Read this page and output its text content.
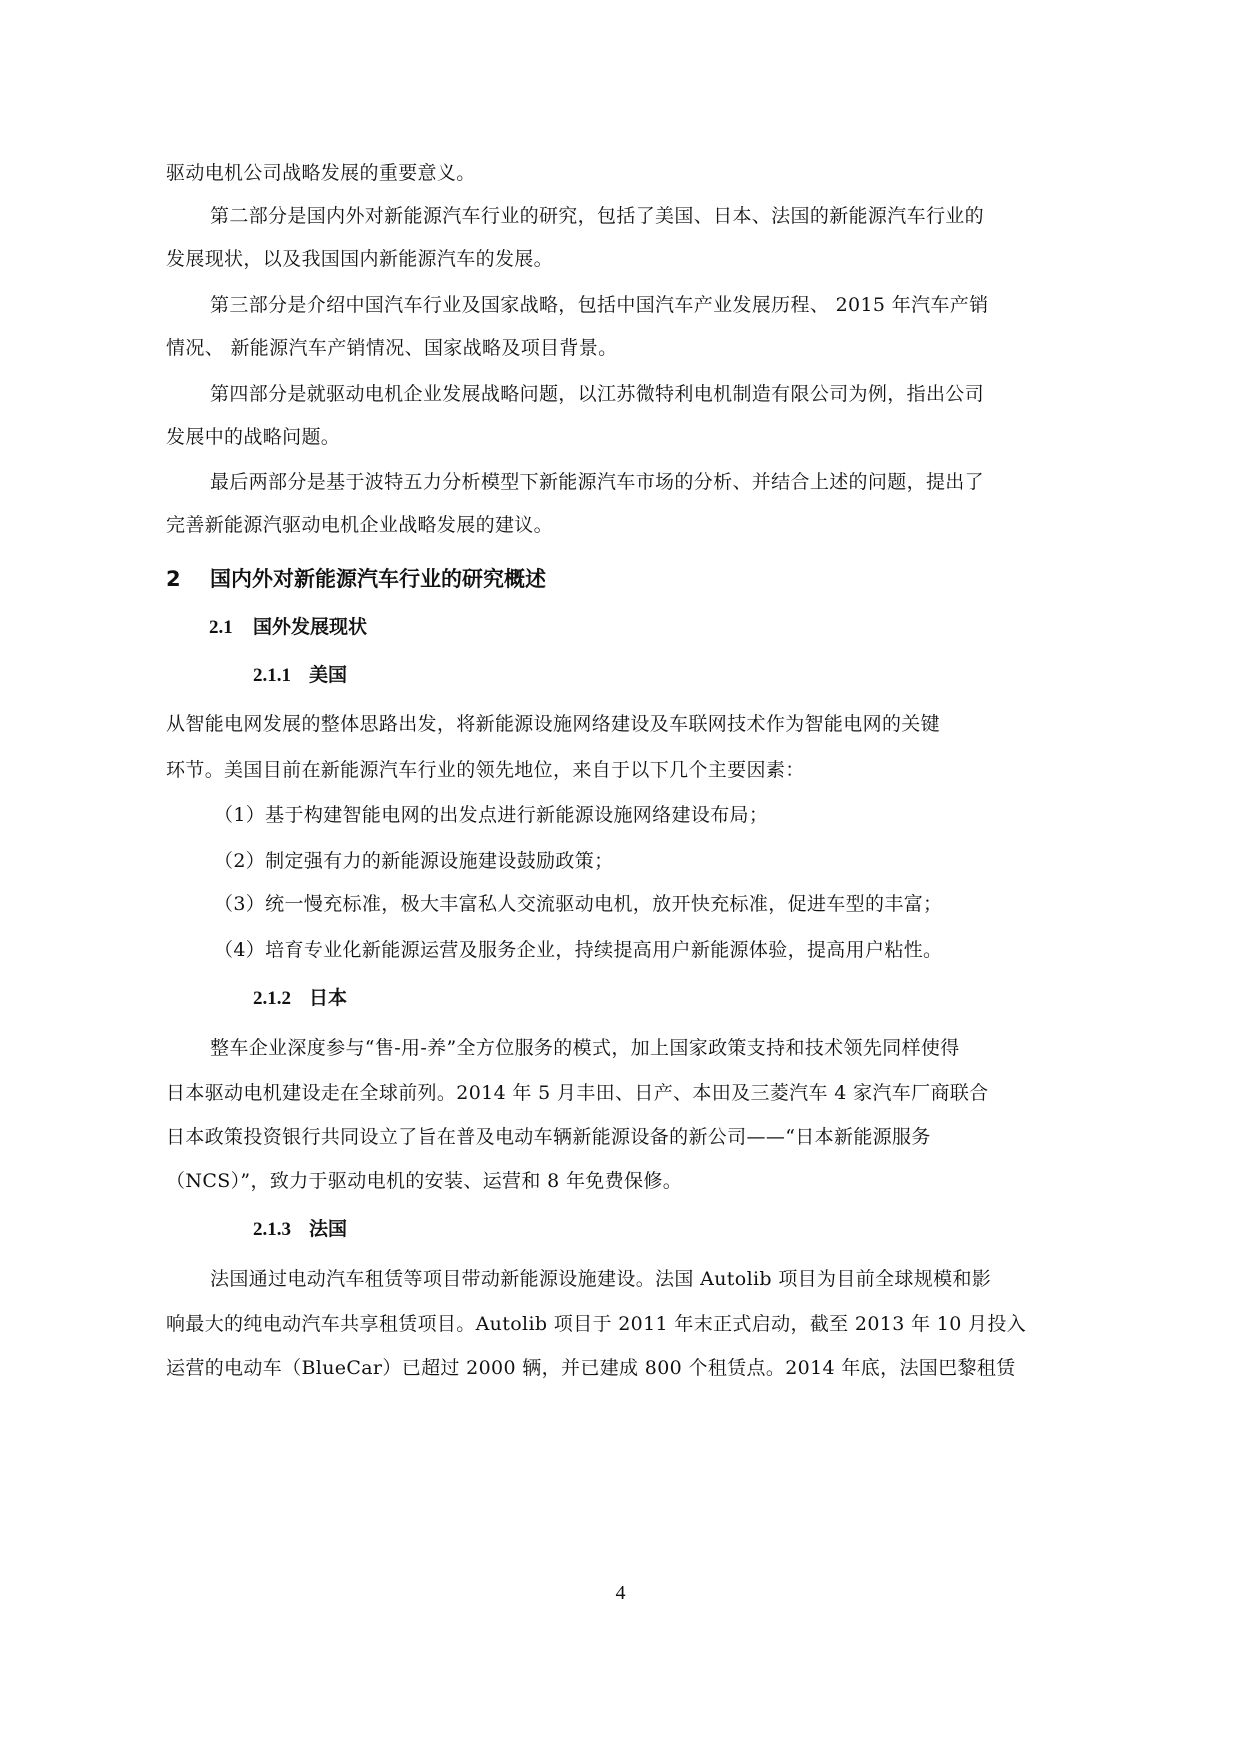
驱动电机公司战略发展的重要意义。
第二部分是国内外对新能源汽车行业的研究，包括了美国、日本、法国的新能源汽车行业的
发展现状，以及我国国内新能源汽车的发展。
第三部分是介绍中国汽车行业及国家战略，包括中国汽车产业发展历程、 2015 年汽车产销
情况、 新能源汽车产销情况、国家战略及项目背景。
第四部分是就驱动电机企业发展战略问题，以江苏微特利电机制造有限公司为例，指出公司
发展中的战略问题。
最后两部分是基于波特五力分析模型下新能源汽车市场的分析、并结合上述的问题，提出了
完善新能源汽驱动电机企业战略发展的建议。
2 国内外对新能源汽车行业的研究概述
2.1 国外发展现状
2.1.1 美国
从智能电网发展的整体思路出发，将新能源设施网络建设及车联网技术作为智能电网的关键
环节。美国目前在新能源汽车行业的领先地位，来自于以下几个主要因素：
（1）基于构建智能电网的出发点进行新能源设施网络建设布局；
（2）制定强有力的新能源设施建设鼓励政策；
（3）统一慢充标准，极大丰富私人交流驱动电机，放开快充标准，促进车型的丰富；
（4）培育专业化新能源运营及服务企业，持续提高用户新能源体验，提高用户粘性。
2.1.2 日本
整车企业深度参与“售-用-养”全方位服务的模式，加上国家政策支持和技术领先同样使得
日本驱动电机建设走在全球前列。2014 年 5 月丰田、日产、本田及三菱汽车 4 家汽车厂商联合
日本政策投资银行共同设立了旨在普及电动车辆新能源设备的新公司——“日本新能源服务
（NCS）”，致力于驱动电机的安装、运营和 8 年免费保修。
2.1.3 法国
法国通过电动汽车租赁等项目带动新能源设施建设。法国 Autolib 项目为目前全球规模和影
响最大的纯电动汽车共享租赁项目。Autolib 项目于 2011 年末正式启动，截至 2013 年 10 月投入
运营的电动车（BlueCar）已超过 2000 辆，并已建成 800 个租赁点。2014 年底，法国巴黎租赁
4
